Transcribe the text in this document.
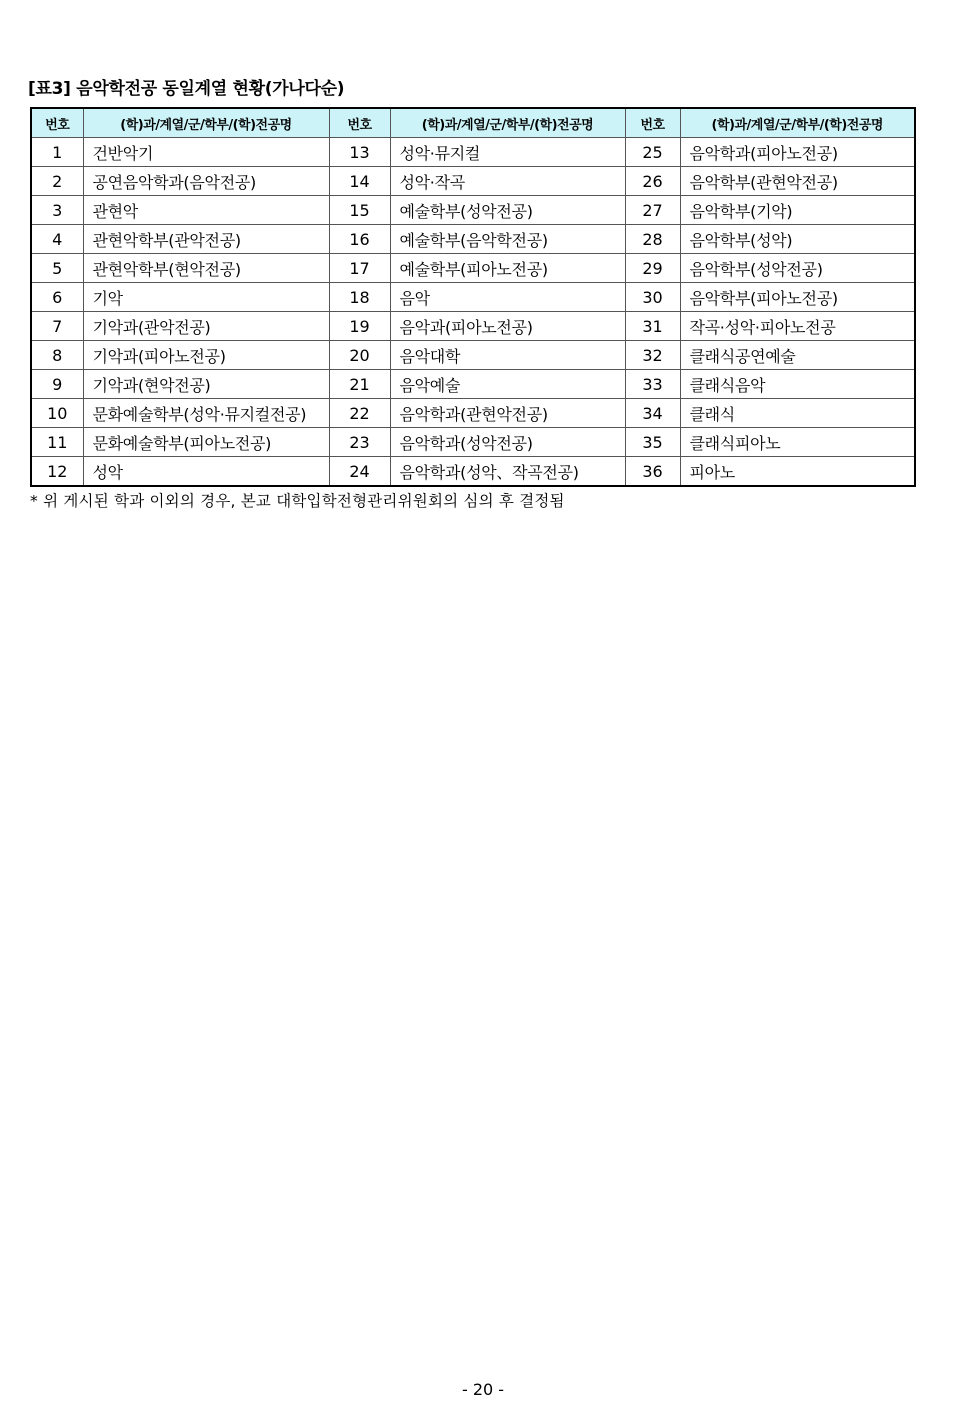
[표3] 음악학전공 동일계열 현황(가나다순)
번호	(학)과/계열/군/학부/(학)전공명	번호	(학)과/계열/군/학부/(학)전공명	번호	(학)과/계열/군/학부/(학)전공명
1	건반악기	13	성악·뮤지컬	25	음악학과(피아노전공)
2	공연음악학과(음악전공)	14	성악·작곡	26	음악학부(관현악전공)
3	관현악	15	예술학부(성악전공)	27	음악학부(기악)
4	관현악학부(관악전공)	16	예술학부(음악학전공)	28	음악학부(성악)
5	관현악학부(현악전공)	17	예술학부(피아노전공)	29	음악학부(성악전공)
6	기악	18	음악	30	음악학부(피아노전공)
7	기악과(관악전공)	19	음악과(피아노전공)	31	작곡·성악·피아노전공
8	기악과(피아노전공)	20	음악대학	32	클래식공연예술
9	기악과(현악전공)	21	음악예술	33	클래식음악
10	문화예술학부(성악·뮤지컬전공)	22	음악학과(관현악전공)	34	클래식
11	문화예술학부(피아노전공)	23	음악학과(성악전공)	35	클래식피아노
12	성악	24	음악학과(성악、작곡전공)	36	피아노
* 위 게시된 학과 이외의 경우, 본교 대학입학전형관리위원회의 심의 후 결정됨
- 20 -
